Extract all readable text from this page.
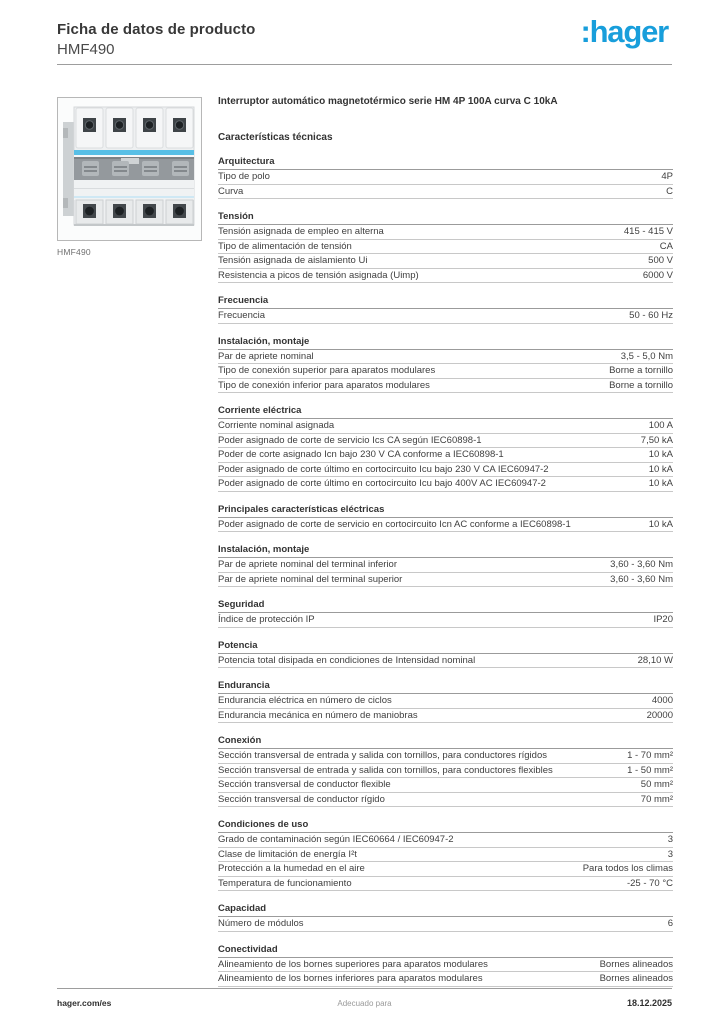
Ficha de datos de producto
HMF490	:hager
HMF490
Interruptor automático magnetotérmico serie HM 4P 100A curva C 10kA
Características técnicas
Arquitectura
Tipo de polo	4P
Curva	C
Tensión
Tensión asignada de empleo en alterna	415 - 415 V
Tipo de alimentación de tensión	CA
Tensión asignada de aislamiento Ui	500 V
Resistencia a picos de tensión asignada (Uimp)	6000 V
Frecuencia
Frecuencia	50 - 60 Hz
Instalación, montaje
Par de apriete nominal	3,5 - 5,0 Nm
Tipo de conexión superior para aparatos modulares	Borne a tornillo
Tipo de conexión inferior para aparatos modulares	Borne a tornillo
Corriente eléctrica
Corriente nominal asignada	100 A
Poder asignado de corte de servicio Ics CA según IEC60898-1	7,50 kA
Poder de corte asignado Icn bajo 230 V CA conforme a IEC60898-1	10 kA
Poder asignado de corte último en cortocircuito Icu bajo 230 V CA IEC60947-2	10 kA
Poder asignado de corte último en cortocircuito Icu bajo 400V AC IEC60947-2	10 kA
Principales características eléctricas
Poder asignado de corte de servicio en cortocircuito Icn AC conforme a IEC60898-1	10 kA
Instalación, montaje
Par de apriete nominal del terminal inferior	3,60 - 3,60 Nm
Par de apriete nominal del terminal superior	3,60 - 3,60 Nm
Seguridad
Índice de protección IP	IP20
Potencia
Potencia total disipada en condiciones de Intensidad nominal	28,10 W
Endurancia
Endurancia eléctrica en número de ciclos	4000
Endurancia mecánica en número de maniobras	20000
Conexión
Sección transversal de entrada y salida con tornillos, para conductores rígidos	1 - 70 mm²
Sección transversal de entrada y salida con tornillos, para conductores flexibles	1 - 50 mm²
Sección transversal de conductor flexible	50 mm²
Sección transversal de conductor rígido	70 mm²
Condiciones de uso
Grado de contaminación según IEC60664 / IEC60947-2	3
Clase de limitación de energía I²t	3
Protección a la humedad en el aire	Para todos los climas
Temperatura de funcionamiento	-25 - 70 °C
Capacidad
Número de módulos	6
Conectividad
Alineamiento de los bornes superiores para aparatos modulares	Bornes alineados
Alineamiento de los bornes inferiores para aparatos modulares	Bornes alineados
hager.com/es	Adecuado para	18.12.2025
